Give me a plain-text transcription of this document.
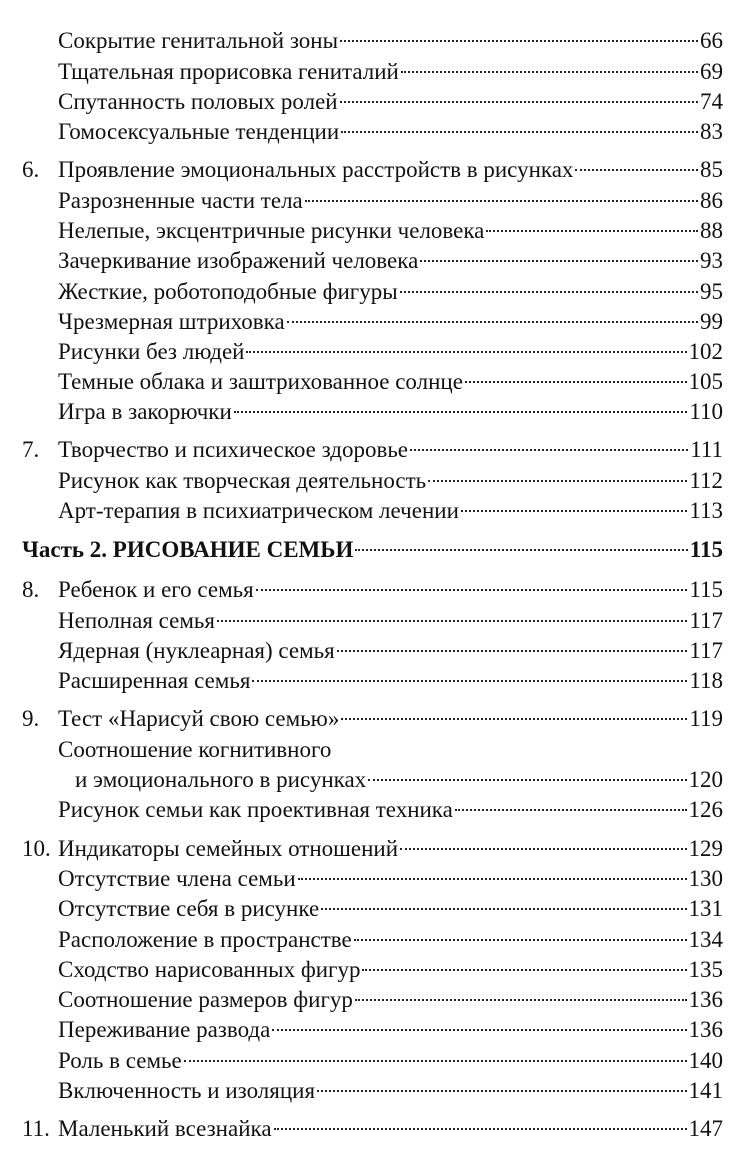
Сокрытие генитальной зоны	66
Тщательная прорисовка гениталий	69
Спутанность половых ролей	74
Гомосексуальные тенденции	83
6. Проявление эмоциональных расстройств в рисунках	85
Разрозненные части тела	86
Нелепые, эксцентричные рисунки человека	88
Зачеркивание изображений человека	93
Жесткие, роботоподобные фигуры	95
Чрезмерная штриховка	99
Рисунки без людей	102
Темные облака и заштрихованное солнце	105
Игра в закорючки	110
7. Творчество и психическое здоровье	111
Рисунок как творческая деятельность	112
Арт-терапия в психиатрическом лечении	113
Часть 2. РИСОВАНИЕ СЕМЬИ	115
8. Ребенок и его семья	115
Неполная семья	117
Ядерная (нуклеарная) семья	117
Расширенная семья	118
9. Тест «Нарисуй свою семью»	119
Соотношение когнитивного
и эмоционального в рисунках	120
Рисунок семьи как проективная техника	126
10. Индикаторы семейных отношений	129
Отсутствие члена семьи	130
Отсутствие себя в рисунке	131
Расположение в пространстве	134
Сходство нарисованных фигур	135
Соотношение размеров фигур	136
Переживание развода	136
Роль в семье	140
Включенность и изоляция	141
11. Маленький всезнайка	147
